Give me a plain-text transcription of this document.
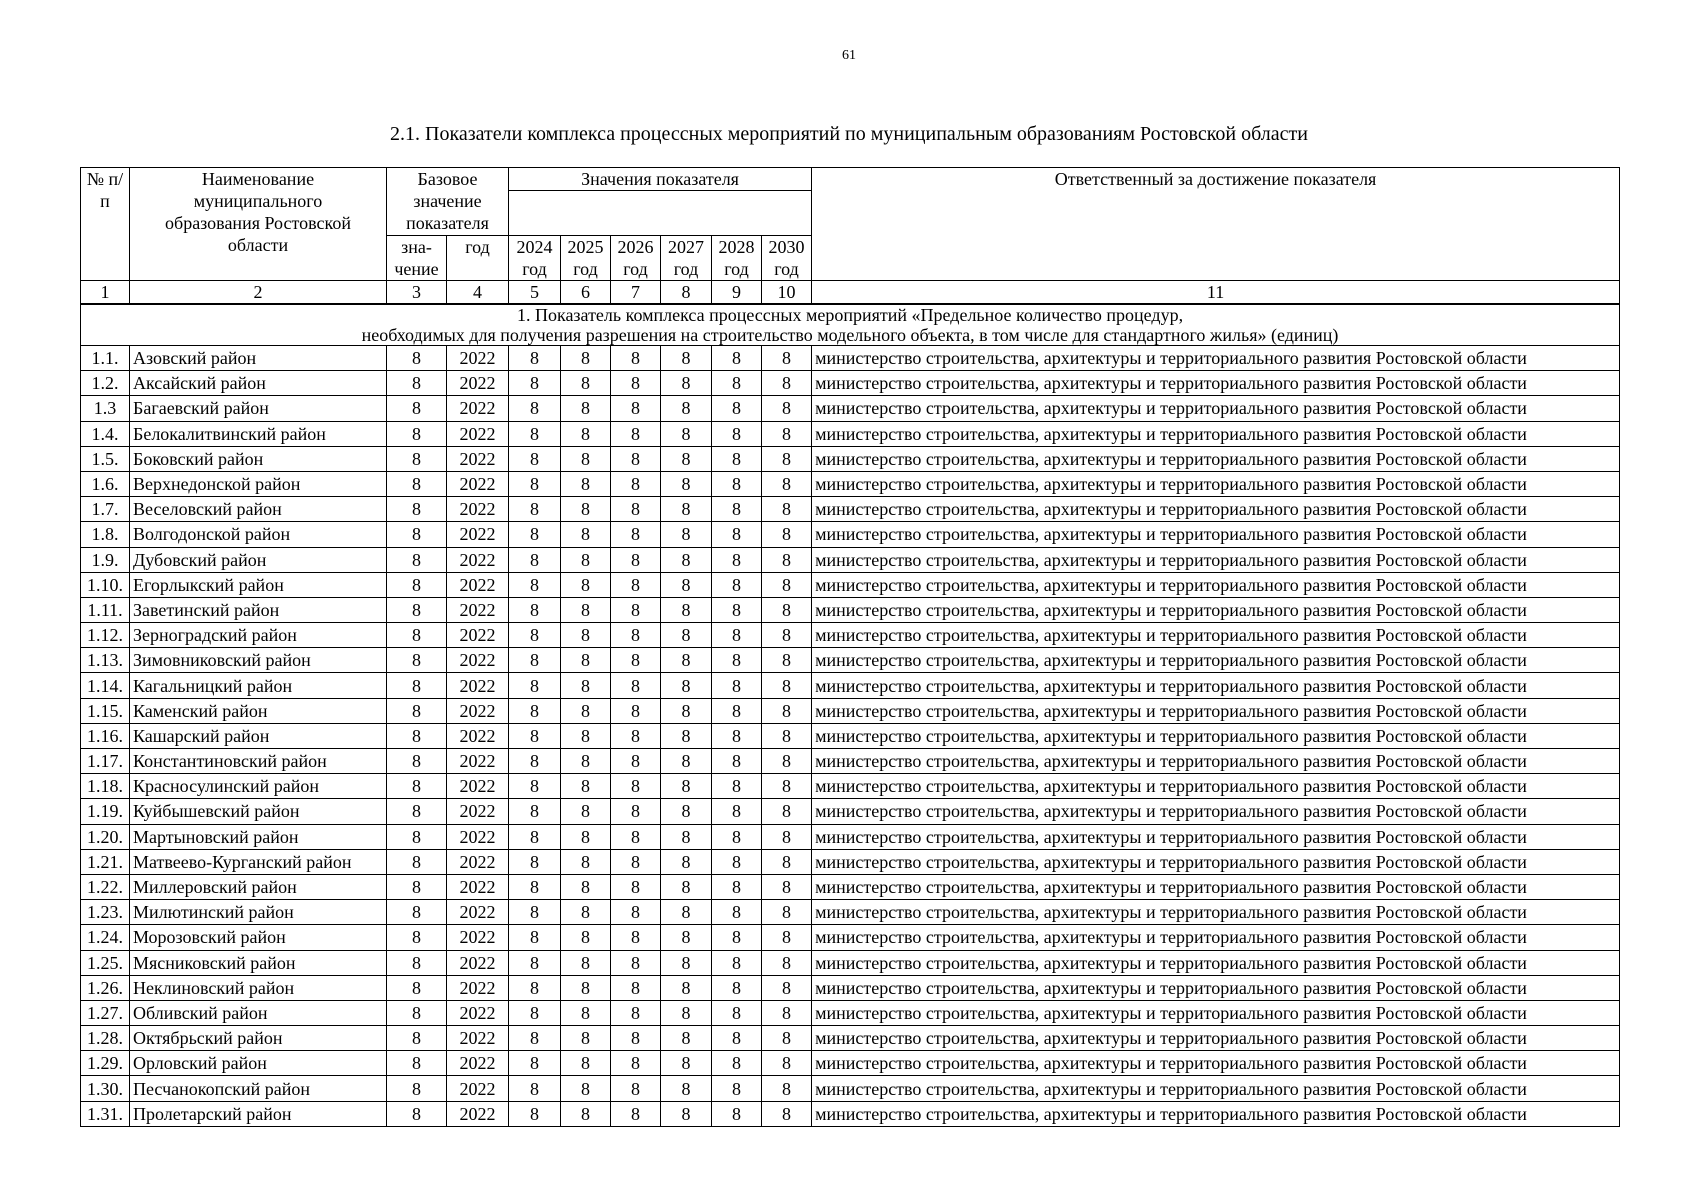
61
2.1. Показатели комплекса процессных мероприятий по муниципальным образованиям Ростовской области
№ п/п	Наименование муниципального образования Ростовской области	Базовое значение показателя		Значения показателя						Ответственный за достижение показателя

		зна-чение	год	2024 год	2025 год	2026 год	2027 год	2028 год	2030 год	
1	2	3	4	5	6	7	8	9	10	11
1. Показатель комплекса процессных мероприятий «Предельное количество процедур,
необходимых для получения разрешения на строительство модельного объекта, в том числе для стандартного жилья» (единиц)										
1.1.	Азовский район	8	2022	8	8	8	8	8	8	министерство строительства, архитектуры и территориального развития Ростовской области
1.2.	Аксайский район	8	2022	8	8	8	8	8	8	министерство строительства, архитектуры и территориального развития Ростовской области
1.3	Багаевский район	8	2022	8	8	8	8	8	8	министерство строительства, архитектуры и территориального развития Ростовской области
1.4.	Белокалитвинский район	8	2022	8	8	8	8	8	8	министерство строительства, архитектуры и территориального развития Ростовской области
1.5.	Боковский район	8	2022	8	8	8	8	8	8	министерство строительства, архитектуры и территориального развития Ростовской области
1.6.	Верхнедонской район	8	2022	8	8	8	8	8	8	министерство строительства, архитектуры и территориального развития Ростовской области
1.7.	Веселовский район	8	2022	8	8	8	8	8	8	министерство строительства, архитектуры и территориального развития Ростовской области
1.8.	Волгодонской район	8	2022	8	8	8	8	8	8	министерство строительства, архитектуры и территориального развития Ростовской области
1.9.	Дубовский район	8	2022	8	8	8	8	8	8	министерство строительства, архитектуры и территориального развития Ростовской области
1.10.	Егорлыкский район	8	2022	8	8	8	8	8	8	министерство строительства, архитектуры и территориального развития Ростовской области
1.11.	Заветинский район	8	2022	8	8	8	8	8	8	министерство строительства, архитектуры и территориального развития Ростовской области
1.12.	Зерноградский район	8	2022	8	8	8	8	8	8	министерство строительства, архитектуры и территориального развития Ростовской области
1.13.	Зимовниковский район	8	2022	8	8	8	8	8	8	министерство строительства, архитектуры и территориального развития Ростовской области
1.14.	Кагальницкий район	8	2022	8	8	8	8	8	8	министерство строительства, архитектуры и территориального развития Ростовской области
1.15.	Каменский район	8	2022	8	8	8	8	8	8	министерство строительства, архитектуры и территориального развития Ростовской области
1.16.	Кашарский район	8	2022	8	8	8	8	8	8	министерство строительства, архитектуры и территориального развития Ростовской области
1.17.	Константиновский район	8	2022	8	8	8	8	8	8	министерство строительства, архитектуры и территориального развития Ростовской области
1.18.	Красносулинский район	8	2022	8	8	8	8	8	8	министерство строительства, архитектуры и территориального развития Ростовской области
1.19.	Куйбышевский район	8	2022	8	8	8	8	8	8	министерство строительства, архитектуры и территориального развития Ростовской области
1.20.	Мартыновский район	8	2022	8	8	8	8	8	8	министерство строительства, архитектуры и территориального развития Ростовской области
1.21.	Матвеево-Курганский район	8	2022	8	8	8	8	8	8	министерство строительства, архитектуры и территориального развития Ростовской области
1.22.	Миллеровский район	8	2022	8	8	8	8	8	8	министерство строительства, архитектуры и территориального развития Ростовской области
1.23.	Милютинский район	8	2022	8	8	8	8	8	8	министерство строительства, архитектуры и территориального развития Ростовской области
1.24.	Морозовский район	8	2022	8	8	8	8	8	8	министерство строительства, архитектуры и территориального развития Ростовской области
1.25.	Мясниковский район	8	2022	8	8	8	8	8	8	министерство строительства, архитектуры и территориального развития Ростовской области
1.26.	Неклиновский район	8	2022	8	8	8	8	8	8	министерство строительства, архитектуры и территориального развития Ростовской области
1.27.	Обливский район	8	2022	8	8	8	8	8	8	министерство строительства, архитектуры и территориального развития Ростовской области
1.28.	Октябрьский район	8	2022	8	8	8	8	8	8	министерство строительства, архитектуры и территориального развития Ростовской области
1.29.	Орловский район	8	2022	8	8	8	8	8	8	министерство строительства, архитектуры и территориального развития Ростовской области
1.30.	Песчанокопский район	8	2022	8	8	8	8	8	8	министерство строительства, архитектуры и территориального развития Ростовской области
1.31.	Пролетарский район	8	2022	8	8	8	8	8	8	министерство строительства, архитектуры и территориального развития Ростовской области
